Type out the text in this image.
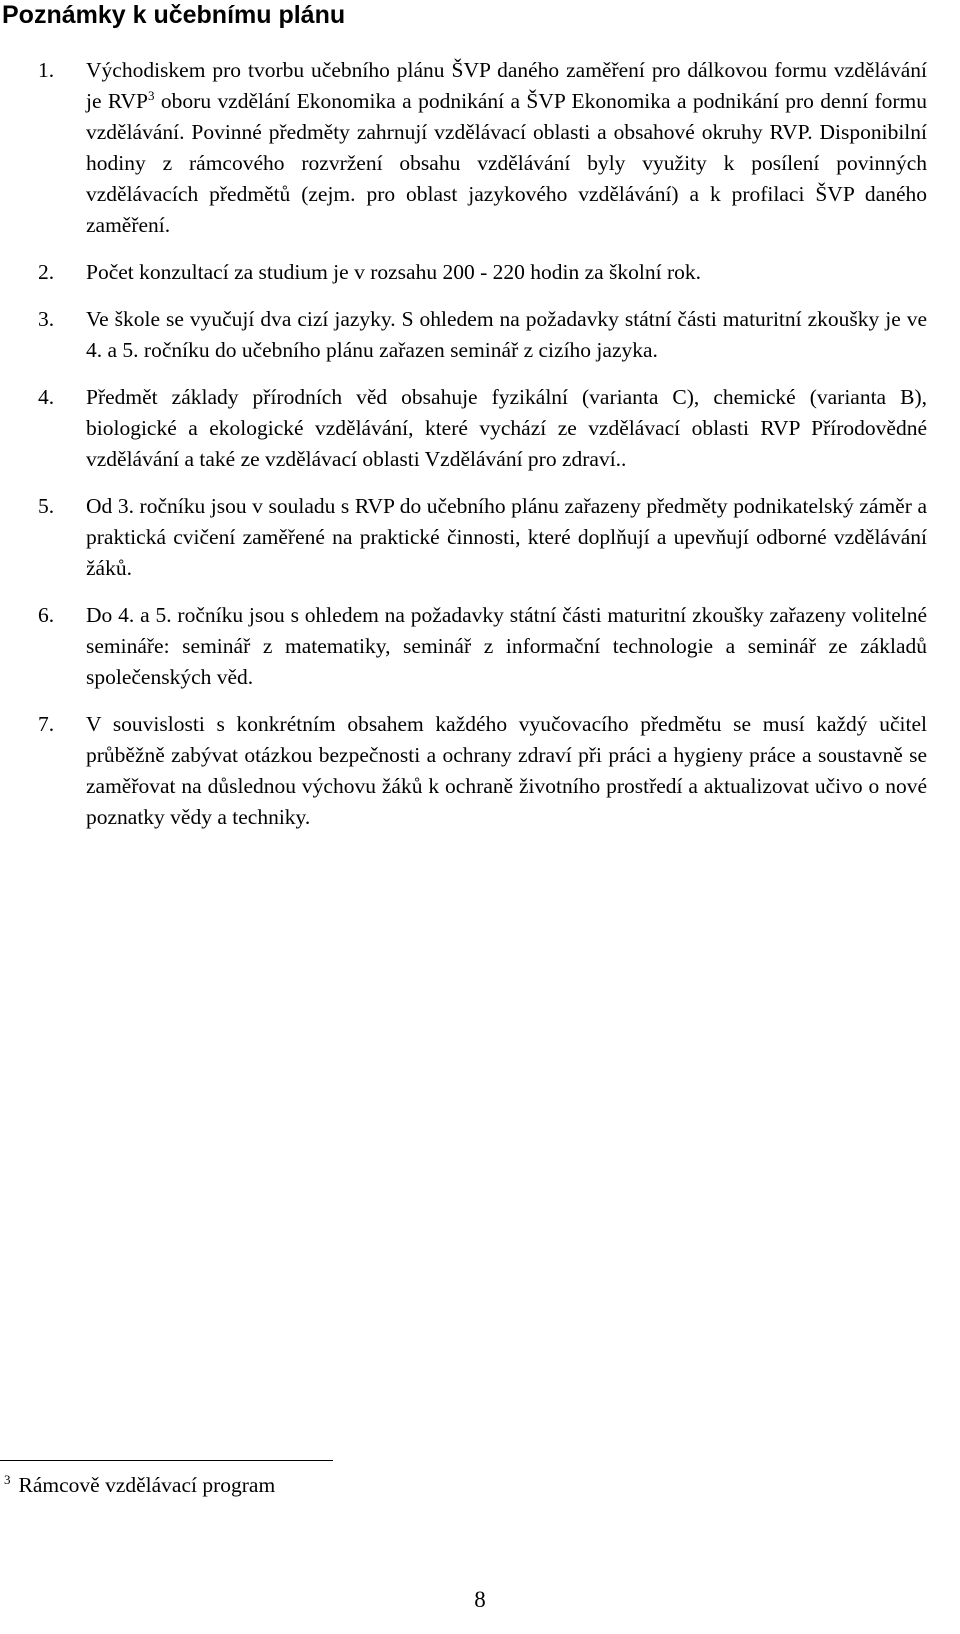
Poznámky k učebnímu plánu
1. Východiskem pro tvorbu učebního plánu ŠVP daného zaměření pro dálkovou formu vzdělávání je RVP$^3$ oboru vzdělání Ekonomika a podnikání a ŠVP Ekonomika a podnikání pro denní formu vzdělávání. Povinné předměty zahrnují vzdělávací oblasti a obsahové okruhy RVP. Disponibilní hodiny z rámcového rozvržení obsahu vzdělávání byly využity k posílení povinných vzdělávacích předmětů (zejm. pro oblast jazykového vzdělávání) a k profilaci ŠVP daného zaměření.
2. Počet konzultací za studium je v rozsahu 200 - 220 hodin za školní rok.
3. Ve škole se vyučují dva cizí jazyky. S ohledem na požadavky státní části maturitní zkoušky je ve 4. a 5. ročníku do učebního plánu zařazen seminář z cizího jazyka.
4. Předmět základy přírodních věd obsahuje fyzikální (varianta C), chemické (varianta B), biologické a ekologické vzdělávání, které vychází ze vzdělávací oblasti RVP Přírodovědné vzdělávání a také ze vzdělávací oblasti Vzdělávání pro zdraví..
5. Od 3. ročníku jsou v souladu s RVP do učebního plánu zařazeny předměty podnikatelský záměr a praktická cvičení zaměřené na praktické činnosti, které doplňují a upevňují odborné vzdělávání žáků.
6. Do 4. a 5. ročníku jsou s ohledem na požadavky státní části maturitní zkoušky zařazeny volitelné semináře: seminář z matematiky, seminář z informační technologie a seminář ze základů společenských věd.
7. V souvislosti s konkrétním obsahem každého vyučovacího předmětu se musí každý učitel průběžně zabývat otázkou bezpečnosti a ochrany zdraví při práci a hygieny práce a soustavně se zaměřovat na důslednou výchovu žáků k ochraně životního prostředí a aktualizovat učivo o nové poznatky vědy a techniky.

$^3$ Rámcově vzdělávací program

8
